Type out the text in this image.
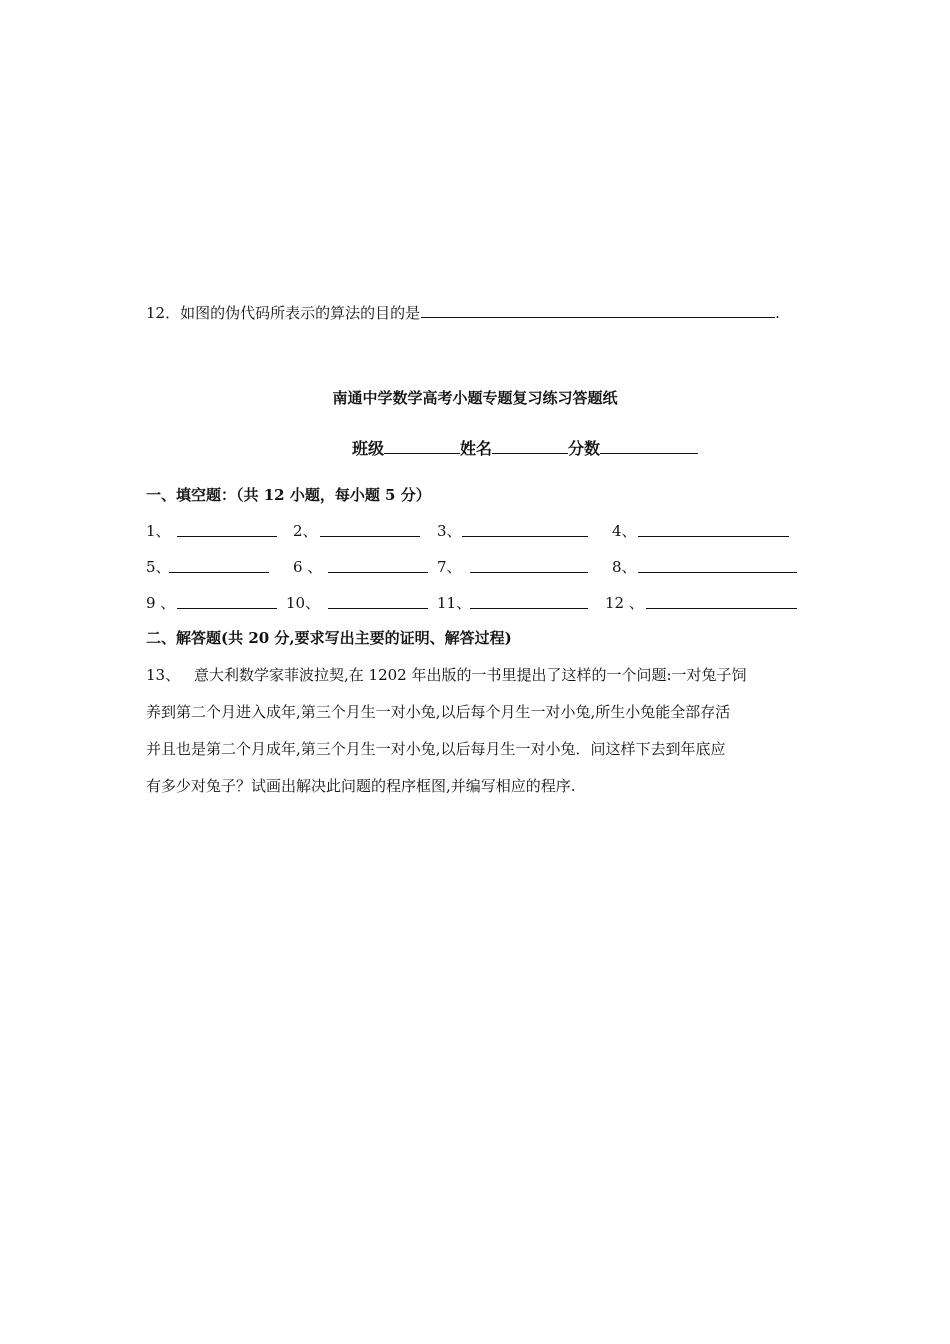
12．如图的伪代码所表示的算法的目的是	.
南通中学数学高考小题专题复习练习答题纸
班级	姓名	分数
一、填空题：（共 12 小题，每小题 5 分）
1、	2、	3、	4、
5、	6 、	7、	8、
9 、	10、	11、	12 、
二、解答题(共 20 分,要求写出主要的证明、解答过程)
13、 意大利数学家菲波拉契,在 1202 年出版的一书里提出了这样的一个问题:一对兔子饲
养到第二个月进入成年,第三个月生一对小兔,以后每个月生一对小兔,所生小兔能全部存活
并且也是第二个月成年,第三个月生一对小兔,以后每月生一对小兔．问这样下去到年底应
有多少对兔子？试画出解决此问题的程序框图,并编写相应的程序.
